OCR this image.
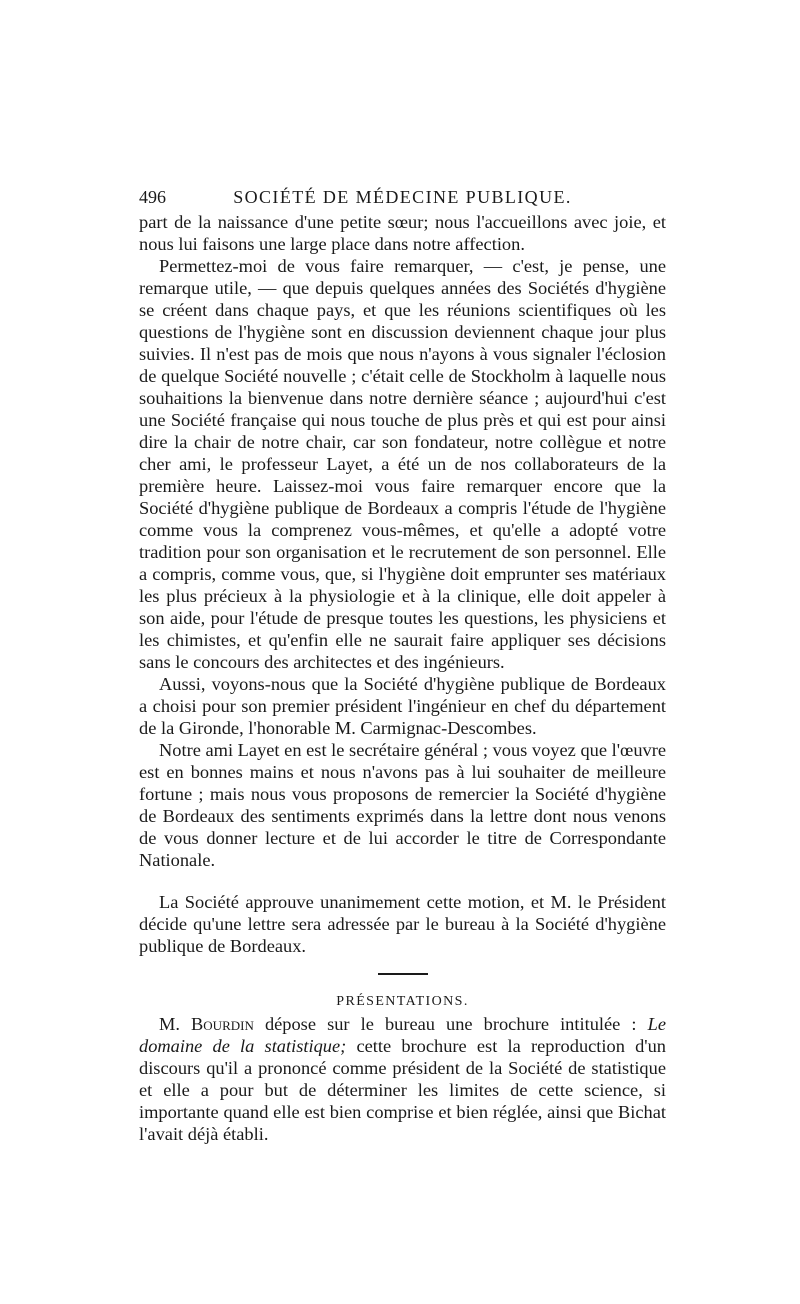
496	SOCIÉTÉ DE MÉDECINE PUBLIQUE.

part de la naissance d'une petite sœur; nous l'accueillons avec joie, et nous lui faisons une large place dans notre affection.

Permettez-moi de vous faire remarquer, — c'est, je pense, une remarque utile, — que depuis quelques années des Sociétés d'hygiène se créent dans chaque pays, et que les réunions scientifiques où les questions de l'hygiène sont en discussion deviennent chaque jour plus suivies. Il n'est pas de mois que nous n'ayons à vous signaler l'éclosion de quelque Société nouvelle ; c'était celle de Stockholm à laquelle nous souhaitions la bienvenue dans notre dernière séance ; aujourd'hui c'est une Société française qui nous touche de plus près et qui est pour ainsi dire la chair de notre chair, car son fondateur, notre collègue et notre cher ami, le professeur Layet, a été un de nos collaborateurs de la première heure. Laissez-moi vous faire remarquer encore que la Société d'hygiène publique de Bordeaux a compris l'étude de l'hygiène comme vous la comprenez vous-mêmes, et qu'elle a adopté votre tradition pour son organisation et le recrutement de son personnel. Elle a compris, comme vous, que, si l'hygiène doit emprunter ses matériaux les plus précieux à la physiologie et à la clinique, elle doit appeler à son aide, pour l'étude de presque toutes les questions, les physiciens et les chimistes, et qu'enfin elle ne saurait faire appliquer ses décisions sans le concours des architectes et des ingénieurs.

Aussi, voyons-nous que la Société d'hygiène publique de Bordeaux a choisi pour son premier président l'ingénieur en chef du département de la Gironde, l'honorable M. Carmignac-Descombes.

Notre ami Layet en est le secrétaire général ; vous voyez que l'œuvre est en bonnes mains et nous n'avons pas à lui souhaiter de meilleure fortune ; mais nous vous proposons de remercier la Société d'hygiène de Bordeaux des sentiments exprimés dans la lettre dont nous venons de vous donner lecture et de lui accorder le titre de Correspondante Nationale.

La Société approuve unanimement cette motion, et M. le Président décide qu'une lettre sera adressée par le bureau à la Société d'hygiène publique de Bordeaux.

PRÉSENTATIONS.

M. Bourdin dépose sur le bureau une brochure intitulée : Le domaine de la statistique; cette brochure est la reproduction d'un discours qu'il a prononcé comme président de la Société de statistique et elle a pour but de déterminer les limites de cette science, si importante quand elle est bien comprise et bien réglée, ainsi que Bichat l'avait déjà établi.
